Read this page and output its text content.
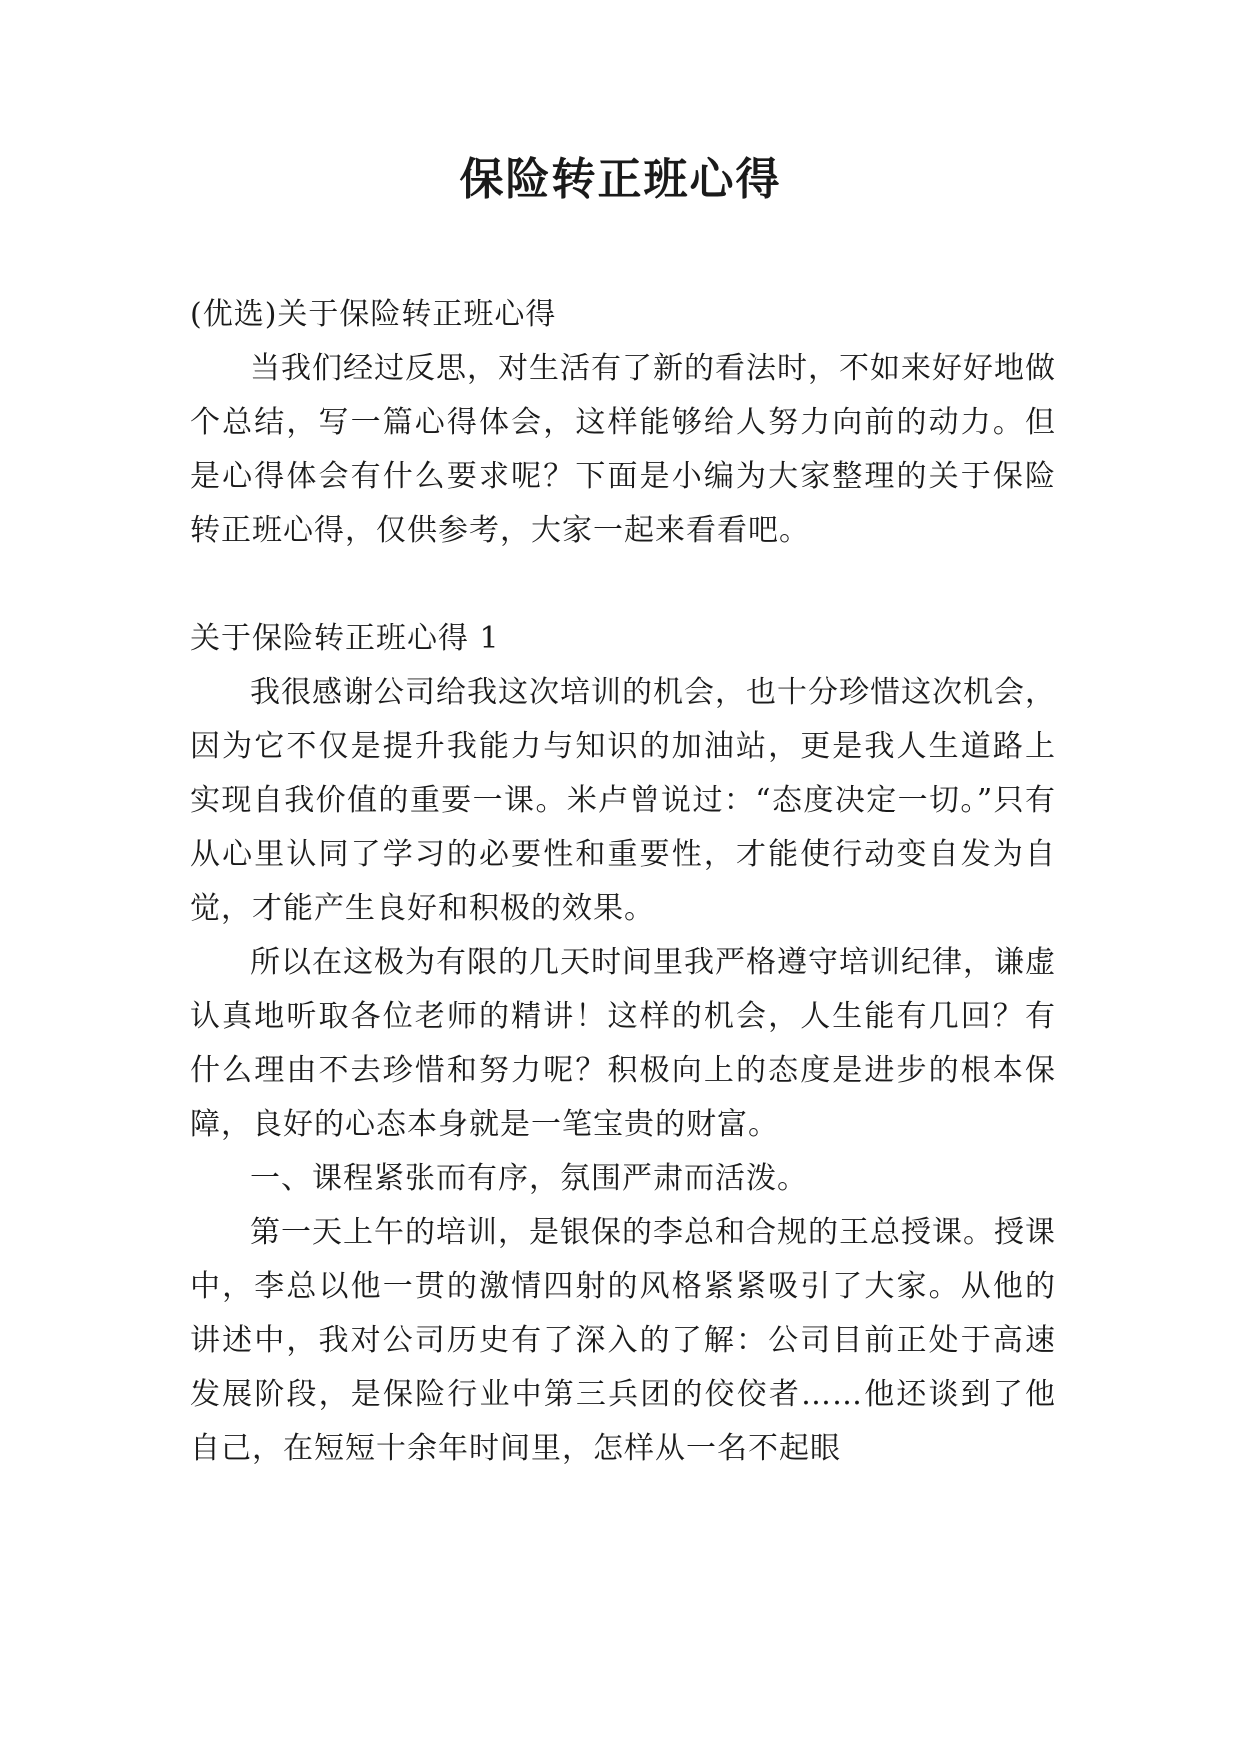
保险转正班心得

(优选)关于保险转正班心得

当我们经过反思，对生活有了新的看法时，不如来好好地做个总结，写一篇心得体会，这样能够给人努力向前的动力。但是心得体会有什么要求呢？下面是小编为大家整理的关于保险转正班心得，仅供参考，大家一起来看看吧。

关于保险转正班心得 1

我很感谢公司给我这次培训的机会，也十分珍惜这次机会，因为它不仅是提升我能力与知识的加油站，更是我人生道路上实现自我价值的重要一课。米卢曾说过：“态度决定一切。”只有从心里认同了学习的必要性和重要性，才能使行动变自发为自觉，才能产生良好和积极的效果。

所以在这极为有限的几天时间里我严格遵守培训纪律，谦虚认真地听取各位老师的精讲！这样的机会，人生能有几回？有什么理由不去珍惜和努力呢？积极向上的态度是进步的根本保障，良好的心态本身就是一笔宝贵的财富。

一、课程紧张而有序，氛围严肃而活泼。

第一天上午的培训，是银保的李总和合规的王总授课。授课中，李总以他一贯的激情四射的风格紧紧吸引了大家。从他的讲述中，我对公司历史有了深入的了解：公司目前正处于高速发展阶段，是保险行业中第三兵团的佼佼者……他还谈到了他自己，在短短十余年时间里，怎样从一名不起眼
